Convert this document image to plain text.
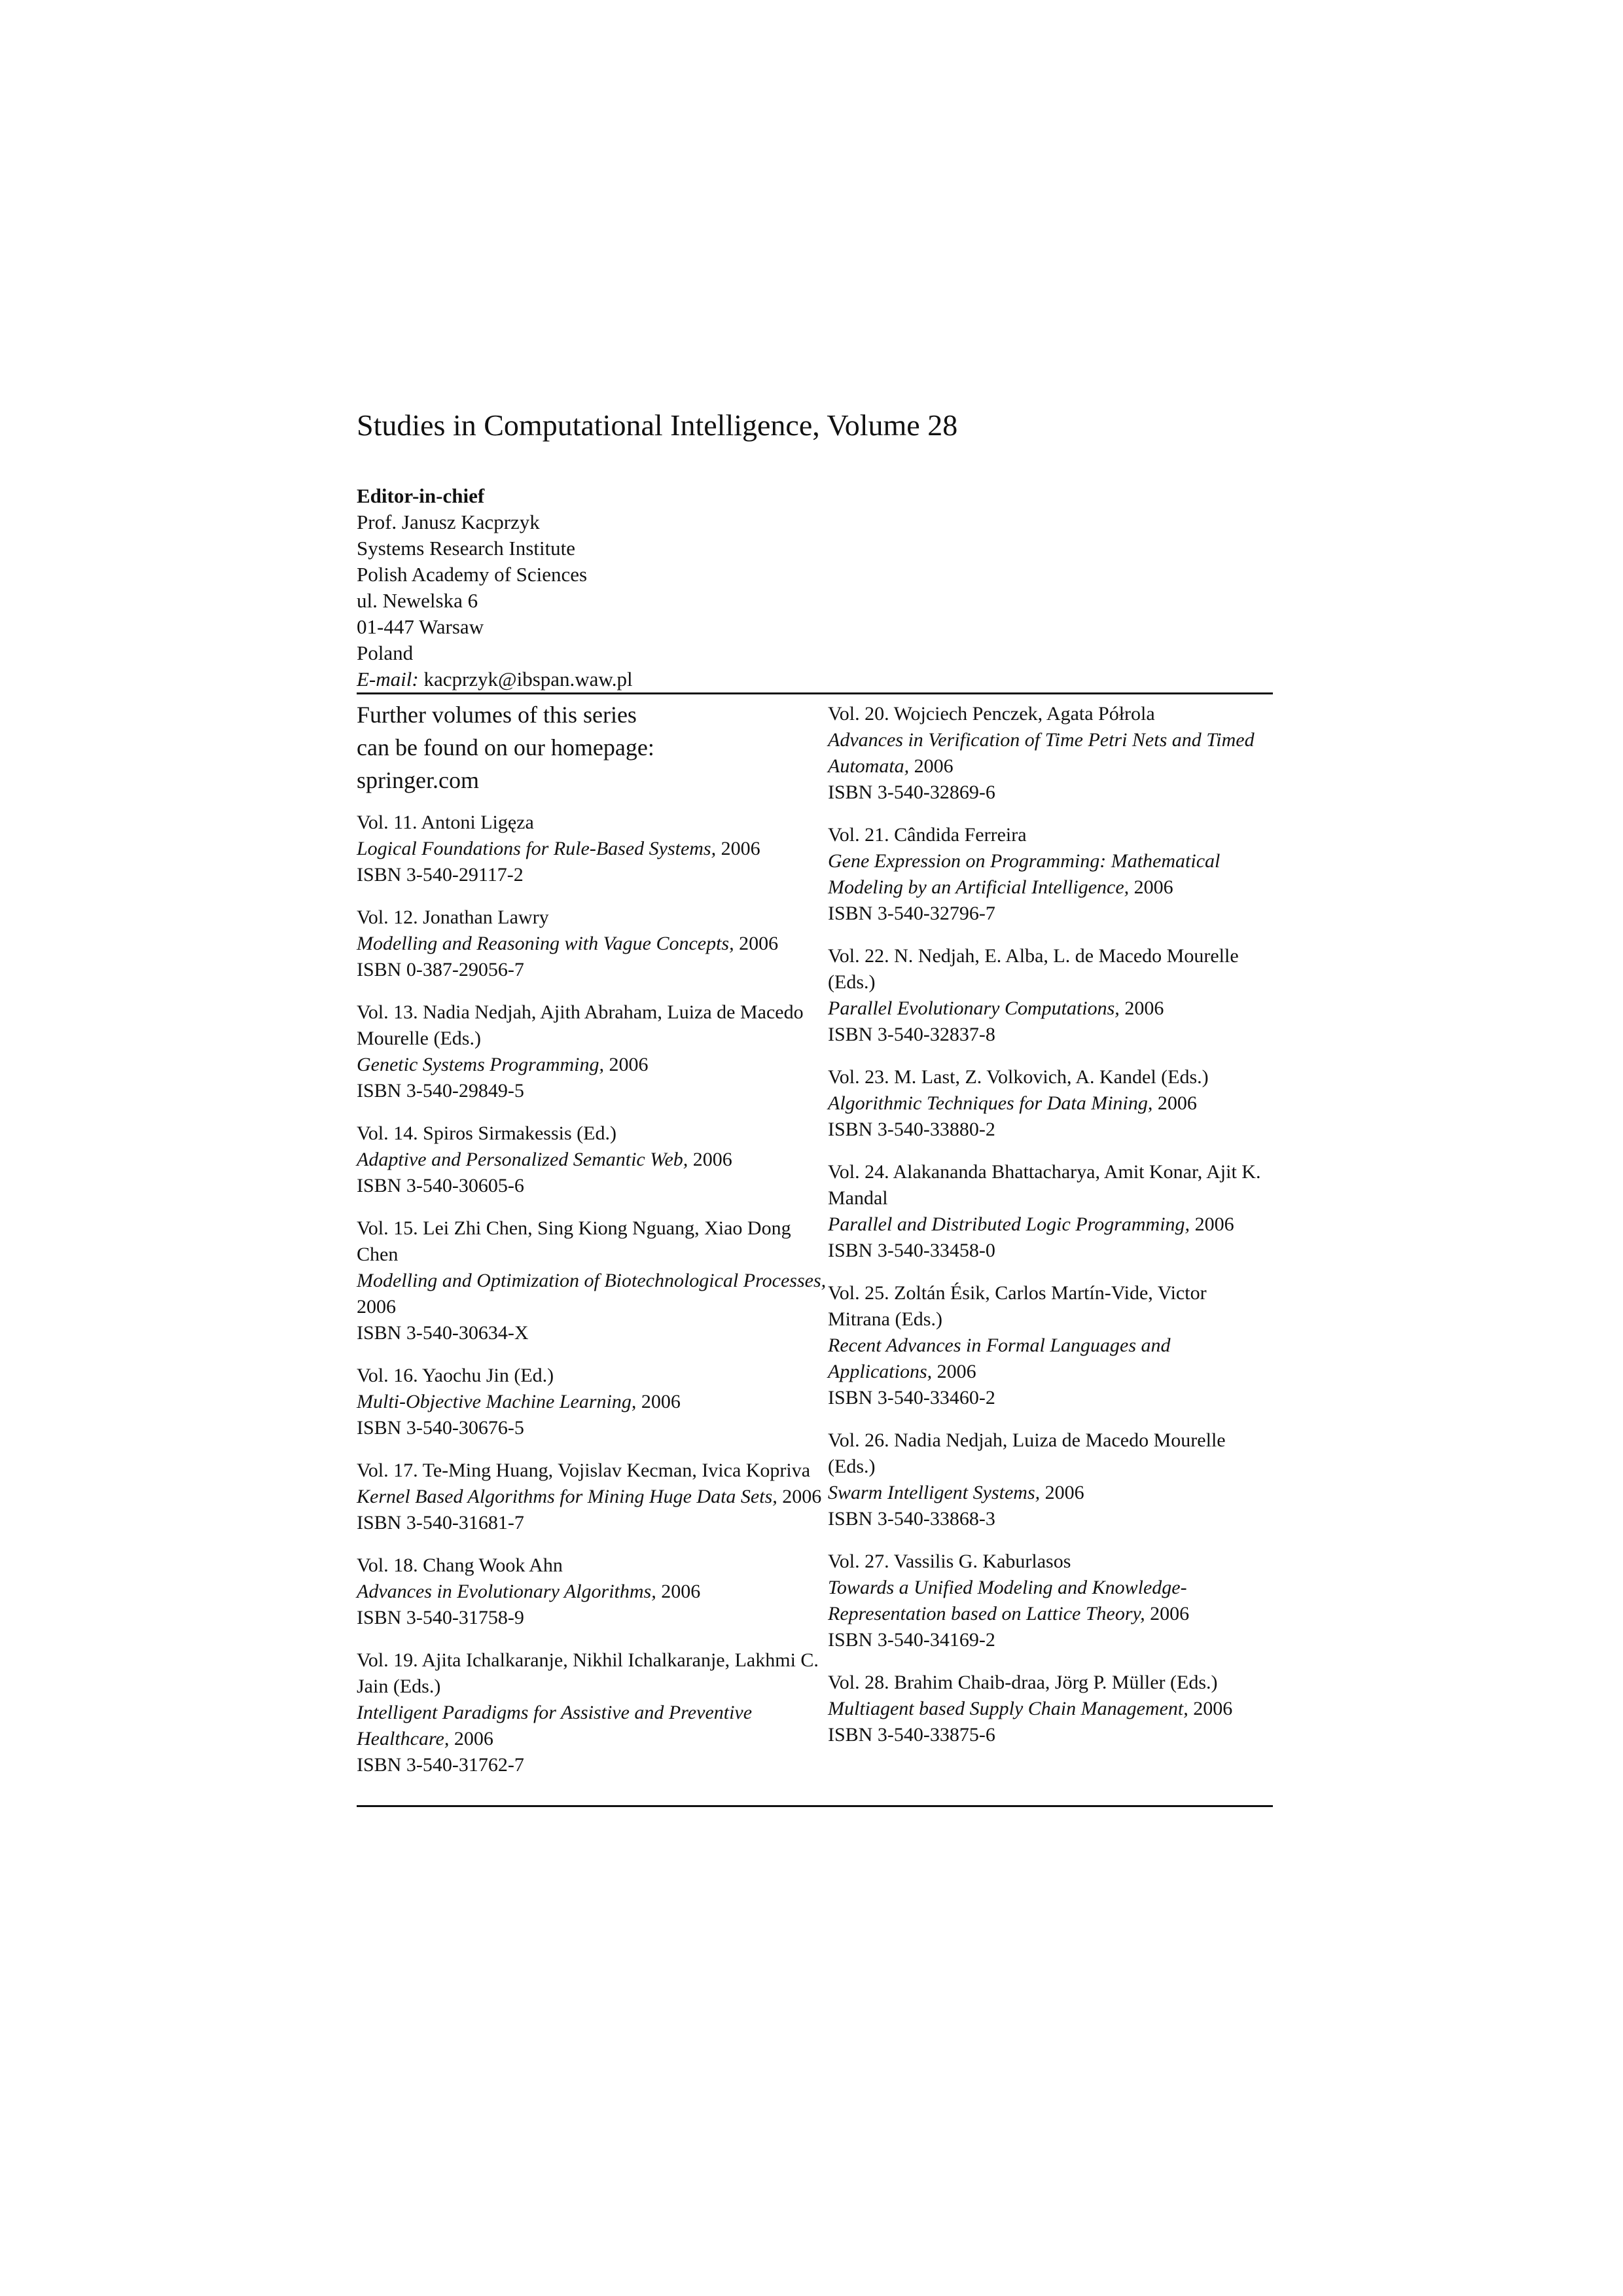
Studies in Computational Intelligence, Volume 28
Editor-in-chief
Prof. Janusz Kacprzyk
Systems Research Institute
Polish Academy of Sciences
ul. Newelska 6
01-447 Warsaw
Poland
E-mail: kacprzyk@ibspan.waw.pl
Further volumes of this series
can be found on our homepage:
springer.com
Vol. 11. Antoni Ligęza
Logical Foundations for Rule-Based Systems, 2006
ISBN 3-540-29117-2
Vol. 12. Jonathan Lawry
Modelling and Reasoning with Vague Concepts, 2006
ISBN 0-387-29056-7
Vol. 13. Nadia Nedjah, Ajith Abraham, Luiza de Macedo Mourelle (Eds.)
Genetic Systems Programming, 2006
ISBN 3-540-29849-5
Vol. 14. Spiros Sirmakessis (Ed.)
Adaptive and Personalized Semantic Web, 2006
ISBN 3-540-30605-6
Vol. 15. Lei Zhi Chen, Sing Kiong Nguang, Xiao Dong Chen
Modelling and Optimization of Biotechnological Processes, 2006
ISBN 3-540-30634-X
Vol. 16. Yaochu Jin (Ed.)
Multi-Objective Machine Learning, 2006
ISBN 3-540-30676-5
Vol. 17. Te-Ming Huang, Vojislav Kecman, Ivica Kopriva
Kernel Based Algorithms for Mining Huge Data Sets, 2006
ISBN 3-540-31681-7
Vol. 18. Chang Wook Ahn
Advances in Evolutionary Algorithms, 2006
ISBN 3-540-31758-9
Vol. 19. Ajita Ichalkaranje, Nikhil Ichalkaranje, Lakhmi C. Jain (Eds.)
Intelligent Paradigms for Assistive and Preventive Healthcare, 2006
ISBN 3-540-31762-7
Vol. 20. Wojciech Penczek, Agata Półrola
Advances in Verification of Time Petri Nets and Timed Automata, 2006
ISBN 3-540-32869-6
Vol. 21. Cândida Ferreira
Gene Expression on Programming: Mathematical Modeling by an Artificial Intelligence, 2006
ISBN 3-540-32796-7
Vol. 22. N. Nedjah, E. Alba, L. de Macedo Mourelle (Eds.)
Parallel Evolutionary Computations, 2006
ISBN 3-540-32837-8
Vol. 23. M. Last, Z. Volkovich, A. Kandel (Eds.)
Algorithmic Techniques for Data Mining, 2006
ISBN 3-540-33880-2
Vol. 24. Alakananda Bhattacharya, Amit Konar, Ajit K. Mandal
Parallel and Distributed Logic Programming, 2006
ISBN 3-540-33458-0
Vol. 25. Zoltán Ésik, Carlos Martín-Vide, Victor Mitrana (Eds.)
Recent Advances in Formal Languages and Applications, 2006
ISBN 3-540-33460-2
Vol. 26. Nadia Nedjah, Luiza de Macedo Mourelle (Eds.)
Swarm Intelligent Systems, 2006
ISBN 3-540-33868-3
Vol. 27. Vassilis G. Kaburlasos
Towards a Unified Modeling and Knowledge-Representation based on Lattice Theory, 2006
ISBN 3-540-34169-2
Vol. 28. Brahim Chaib-draa, Jörg P. Müller (Eds.)
Multiagent based Supply Chain Management, 2006
ISBN 3-540-33875-6
